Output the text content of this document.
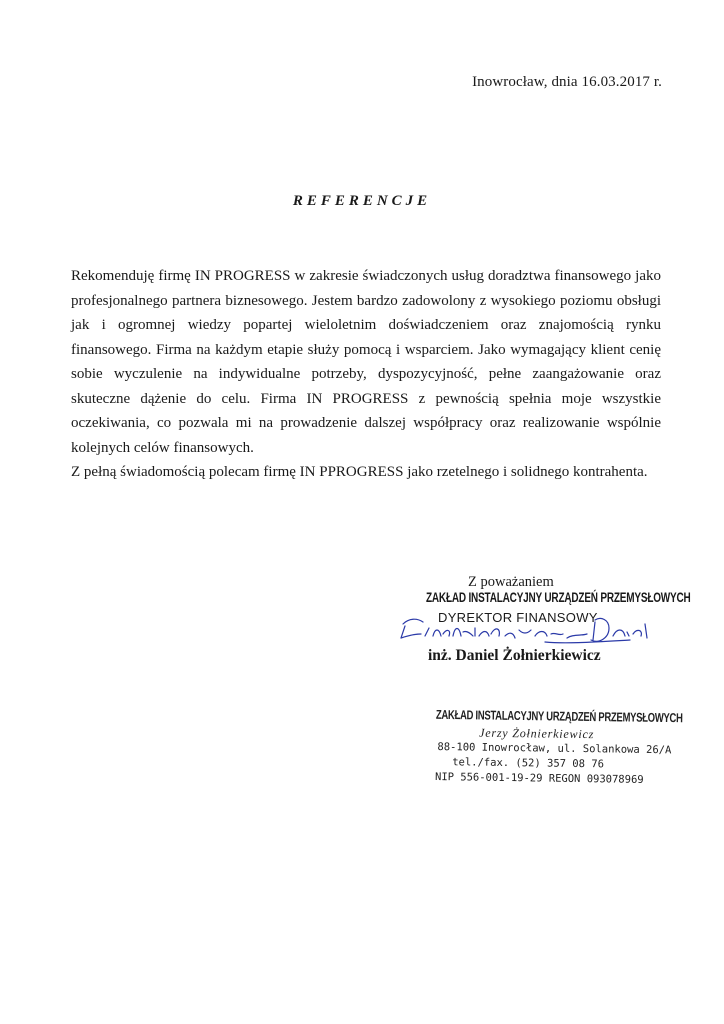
Inowrocław, dnia 16.03.2017 r.
REFERENCJE

Rekomenduję firmę IN PROGRESS w zakresie świadczonych usług doradztwa finansowego jako profesjonalnego partnera biznesowego. Jestem bardzo zadowolony z wysokiego poziomu obsługi jak i ogromnej wiedzy popartej wieloletnim doświadczeniem oraz znajomością rynku finansowego. Firma na każdym etapie służy pomocą i wsparciem. Jako wymagający klient cenię sobie wyczulenie na indywidualne potrzeby, dyspozycyjność, pełne zaangażowanie oraz skuteczne dążenie do celu. Firma IN PROGRESS z pewnością spełnia moje wszystkie oczekiwania, co pozwala mi na prowadzenie dalszej współpracy oraz realizowanie wspólnie kolejnych celów finansowych.

Z pełną świadomością polecam firmę IN PPROGRESS jako rzetelnego i solidnego kontrahenta.

Z poważaniem
ZAKŁAD INSTALACYJNY URZĄDZEŃ PRZEMYSŁOWYCH
DYREKTOR FINANSOWY
inż. Daniel Żołnierkiewicz
ZAKŁAD INSTALACYJNY URZĄDZEŃ PRZEMYSŁOWYCH
Jerzy Żołnierkiewicz
88-100 Inowrocław, ul. Solankowa 26/A
tel./fax. (52) 357 08 76
NIP 556-001-19-29 REGON 093078969
